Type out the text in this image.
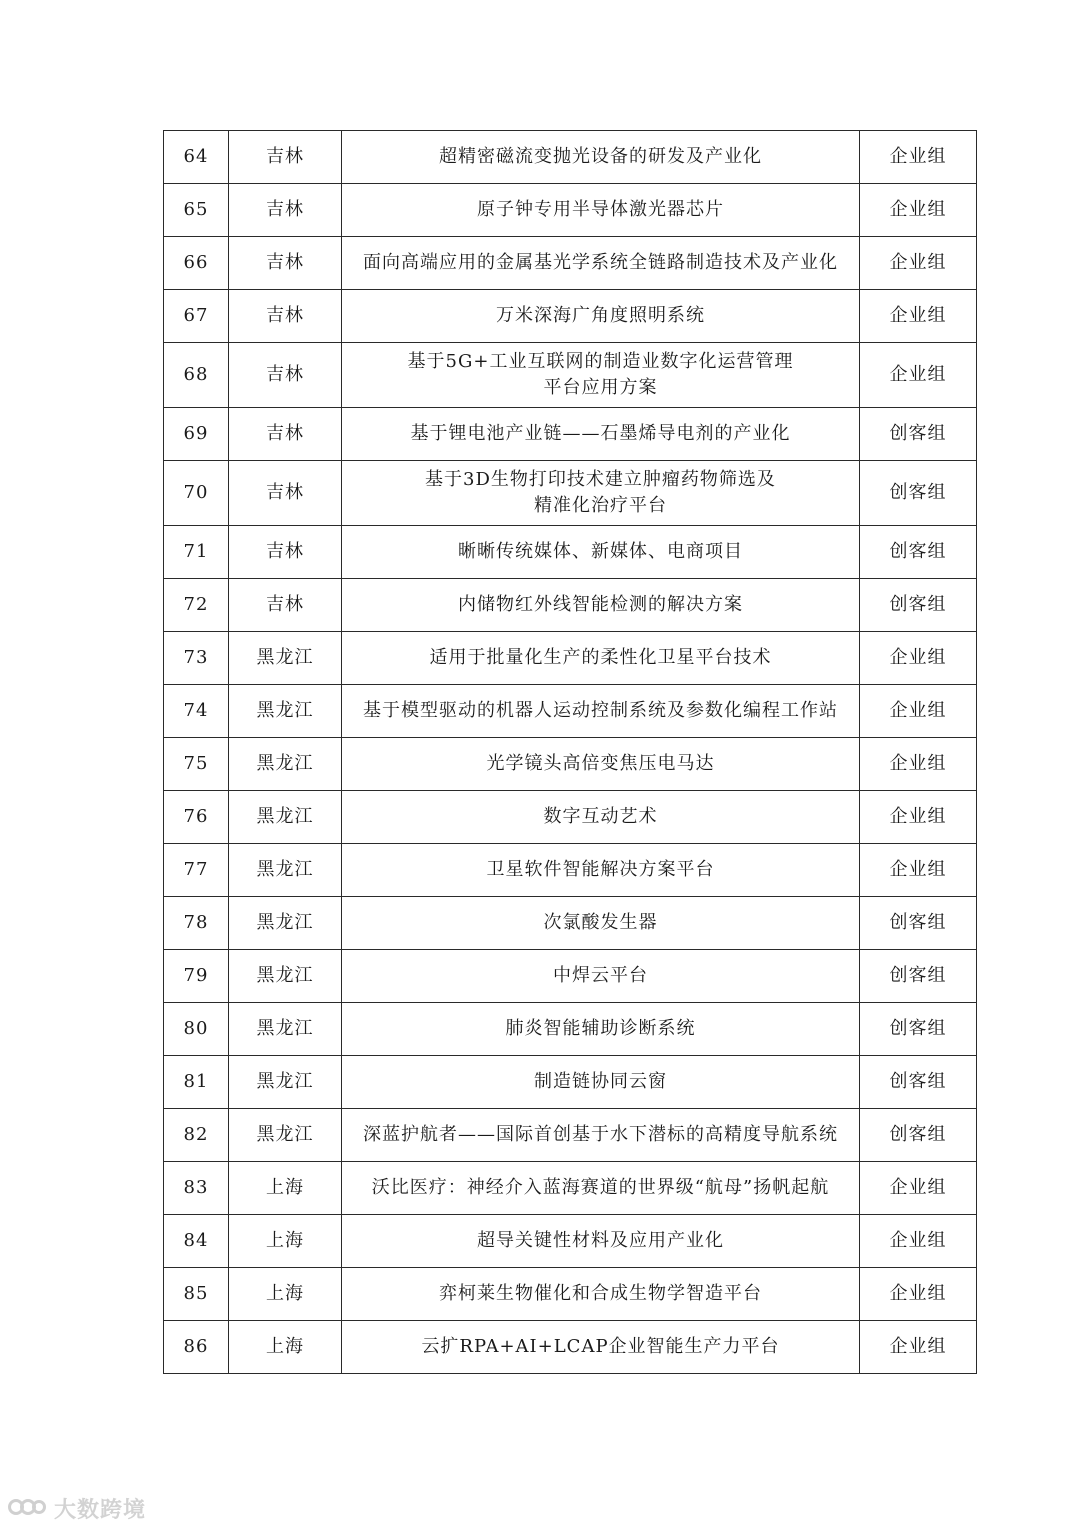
64	吉林	超精密磁流变抛光设备的研发及产业化	企业组
65	吉林	原子钟专用半导体激光器芯片	企业组
66	吉林	面向高端应用的金属基光学系统全链路制造技术及产业化	企业组
67	吉林	万米深海广角度照明系统	企业组
68	吉林	基于5G+工业互联网的制造业数字化运营管理
平台应用方案	企业组
69	吉林	基于锂电池产业链——石墨烯导电剂的产业化	创客组
70	吉林	基于3D生物打印技术建立肿瘤药物筛选及
精准化治疗平台	创客组
71	吉林	晰晰传统媒体、新媒体、电商项目	创客组
72	吉林	内储物红外线智能检测的解决方案	创客组
73	黑龙江	适用于批量化生产的柔性化卫星平台技术	企业组
74	黑龙江	基于模型驱动的机器人运动控制系统及参数化编程工作站	企业组
75	黑龙江	光学镜头高倍变焦压电马达	企业组
76	黑龙江	数字互动艺术	企业组
77	黑龙江	卫星软件智能解决方案平台	企业组
78	黑龙江	次氯酸发生器	创客组
79	黑龙江	中焊云平台	创客组
80	黑龙江	肺炎智能辅助诊断系统	创客组
81	黑龙江	制造链协同云窗	创客组
82	黑龙江	深蓝护航者——国际首创基于水下潜标的高精度导航系统	创客组
83	上海	沃比医疗：神经介入蓝海赛道的世界级“航母”扬帆起航	企业组
84	上海	超导关键性材料及应用产业化	企业组
85	上海	弈柯莱生物催化和合成生物学智造平台	企业组
86	上海	云扩RPA+AI+LCAP企业智能生产力平台	企业组
大数跨境
